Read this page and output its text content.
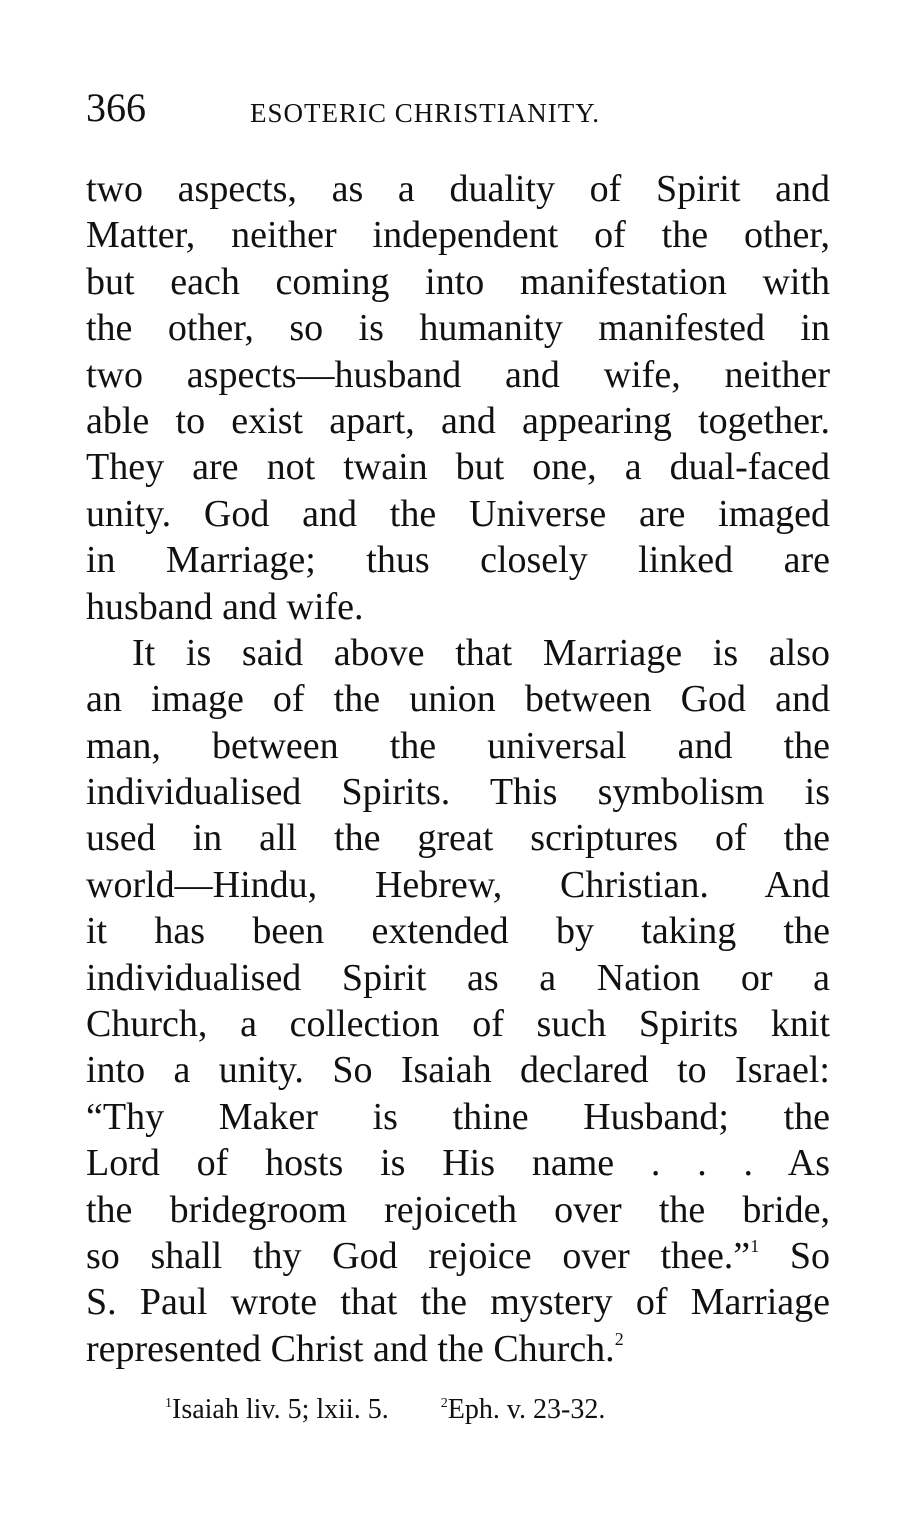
366	ESOTERIC CHRISTIANITY.
two aspects, as a duality of Spirit and
Matter, neither independent of the other,
but each coming into manifestation with
the other, so is humanity manifested in
two aspects—husband and wife, neither
able to exist apart, and appearing together.
They are not twain but one, a dual-faced
unity. God and the Universe are imaged
in Marriage; thus closely linked are
husband and wife.
It is said above that Marriage is also
an image of the union between God and
man, between the universal and the
individualised Spirits. This symbolism is
used in all the great scriptures of the
world—Hindu, Hebrew, Christian. And
it has been extended by taking the
individualised Spirit as a Nation or a
Church, a collection of such Spirits knit
into a unity. So Isaiah declared to Israel:
“Thy Maker is thine Husband; the
Lord of hosts is His name . . . As
the bridegroom rejoiceth over the bride,
so shall thy God rejoice over thee.”$^1$ So
S. Paul wrote that the mystery of Marriage
represented Christ and the Church.$^2$
$^1$Isaiah liv. 5; lxii. 5.	$^2$Eph. v. 23-32.
